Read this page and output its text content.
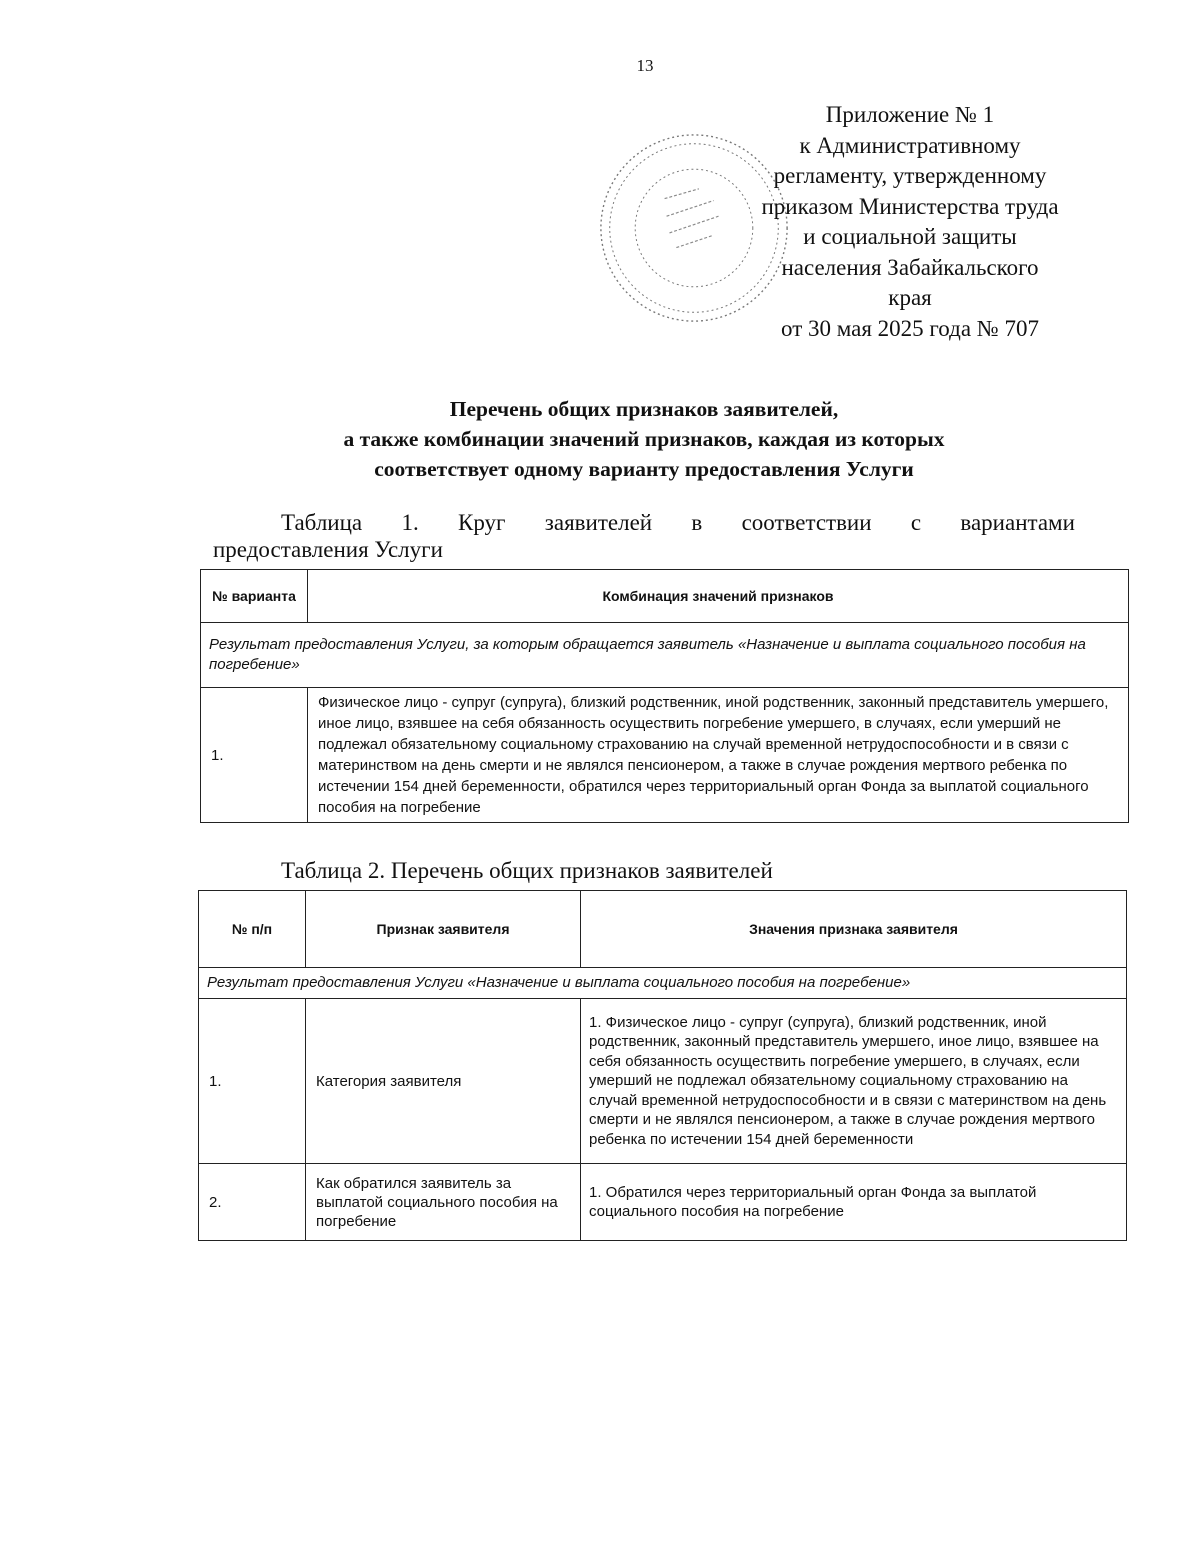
13
Приложение № 1
к Административному
регламенту, утвержденному
приказом Министерства труда
и социальной защиты
населения Забайкальского
края
от 30 мая 2025 года № 707
Перечень общих признаков заявителей,
а также комбинации значений признаков, каждая из которых
соответствует одному варианту предоставления Услуги
Таблица 1. Круг заявителей в соответствии с вариантами
предоставления Услуги
№ варианта	Комбинация значений признаков
Результат предоставления Услуги, за которым обращается заявитель «Назначение и выплата социального пособия на погребение»	
1.	Физическое лицо - супруг (супруга), близкий родственник, иной родственник, законный представитель умершего, иное лицо, взявшее на себя обязанность осуществить погребение умершего, в случаях, если умерший не подлежал обязательному социальному страхованию на случай временной нетрудоспособности и в связи с материнством на день смерти и не являлся пенсионером, а также в случае рождения мертвого ребенка по истечении 154 дней беременности, обратился через территориальный орган Фонда за выплатой социального пособия на погребение
Таблица 2. Перечень общих признаков заявителей
№ п/п	Признак заявителя	Значения признака заявителя
Результат предоставления Услуги «Назначение и выплата социального пособия на погребение»		
1.	Категория заявителя	1. Физическое лицо - супруг (супруга), близкий родственник, иной родственник, законный представитель умершего, иное лицо, взявшее на себя обязанность осуществить погребение умершего, в случаях, если умерший не подлежал обязательному социальному страхованию на случай временной нетрудоспособности и в связи с материнством на день смерти и не являлся пенсионером, а также в случае рождения мертвого ребенка по истечении 154 дней беременности
2.	Как обратился заявитель за выплатой социального пособия на погребение	1. Обратился через территориальный орган Фонда за выплатой социального пособия на погребение
